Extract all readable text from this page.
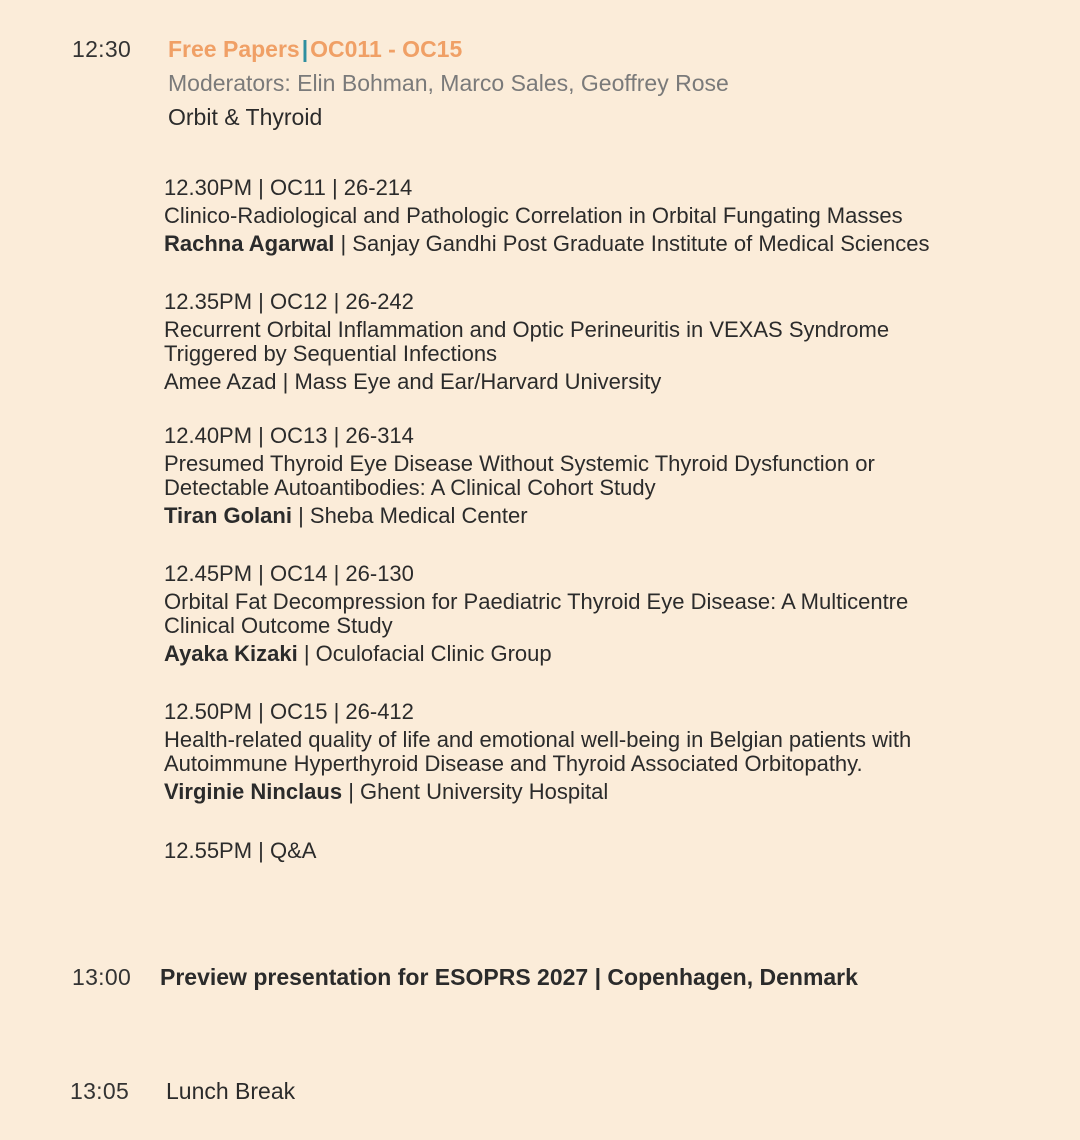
12:30 Free Papers|OC011 - OC15
Moderators: Elin Bohman, Marco Sales, Geoffrey Rose
Orbit & Thyroid
12.30PM | OC11 | 26-214
Clinico-Radiological and Pathologic Correlation in Orbital Fungating Masses
Rachna Agarwal | Sanjay Gandhi Post Graduate Institute of Medical Sciences
12.35PM | OC12 | 26-242
Recurrent Orbital Inflammation and Optic Perineuritis in VEXAS Syndrome
Triggered by Sequential Infections
Amee Azad | Mass Eye and Ear/Harvard University
12.40PM | OC13 | 26-314
Presumed Thyroid Eye Disease Without Systemic Thyroid Dysfunction or
Detectable Autoantibodies: A Clinical Cohort Study
Tiran Golani | Sheba Medical Center
12.45PM | OC14 | 26-130
Orbital Fat Decompression for Paediatric Thyroid Eye Disease: A Multicentre
Clinical Outcome Study
Ayaka Kizaki | Oculofacial Clinic Group
12.50PM | OC15 | 26-412
Health-related quality of life and emotional well-being in Belgian patients with
Autoimmune Hyperthyroid Disease and Thyroid Associated Orbitopathy.
Virginie Ninclaus | Ghent University Hospital
12.55PM | Q&A
13:00 Preview presentation for ESOPRS 2027 | Copenhagen, Denmark
13:05 Lunch Break
